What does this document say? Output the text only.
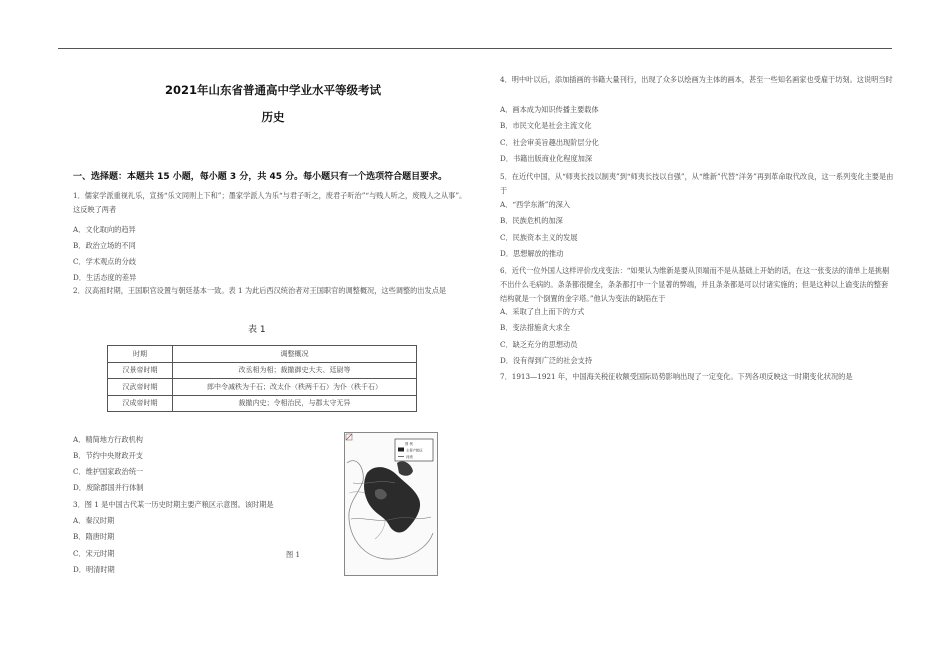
2021年山东省普通高中学业水平等级考试
历史
一、选择题：本题共 15 小题，每小题 3 分，共 45 分。每小题只有一个选项符合题目要求。
1．儒家学派重视礼乐，宣扬“乐文同则上下和”；墨家学派人为乐“与君子听之，废君子听治”“与贱人听之，废贱人之从事”。这反映了两者
A．文化取向的趋异
B．政治立场的不同
C．学术观点的分歧
D．生活态度的差异
2．汉高祖时期，王国职官设置与朝廷基本一致。表 1 为此后西汉统治者对王国职官的调整概况，这些调整的出发点是
表 1
时期	调整概况
汉景帝时期	改丞相为相；裁撤御史大夫、廷尉等
汉武帝时期	郎中令减秩为千石；改太仆（秩两千石）为仆（秩千石）
汉成帝时期	裁撤内史；令相治民，与郡太守无异
A．精简地方行政机构
B．节约中央财政开支
C．维护国家政治统一
D．废除郡国并行体制
3．图 1 是中国古代某一历史时期主要产粮区示意图。该时期是
A．秦汉时期
B．隋唐时期
C．宋元时期
D．明清时期
图 1
图 例
主要产粮区
河流
4．明中叶以后，添加插画的书籍大量刊行，出现了众多以绘画为主体的画本，甚至一些知名画家也受雇于坊刻。这说明当时
A．画本成为知识传播主要载体
B．市民文化是社会主流文化
C．社会审美旨趣出现阶层分化
D．书籍出版商业化程度加深
5．在近代中国，从“师夷长技以制夷”到“师夷长技以自强”，从“维新”代替“洋务”再到革命取代改良，这一系列变化主要是由于
A．“西学东渐”的深入
B．民族危机的加深
C．民族资本主义的发展
D．思想解放的推动
6．近代一位外国人这样评价戊戌变法：“如果认为维新是要从顶端而不是从基础上开始的话，在这一张变法的清单上是挑剔不出什么毛病的。条条都很健全，条条都打中一个显著的弊端，并且条条都是可以付诸实施的；但是这种以上谕变法的整套结构就是一个倒置的金字塔。”他认为变法的缺陷在于
A．采取了自上而下的方式
B．变法措施贪大求全
C．缺乏充分的思想动员
D．没有得到广泛的社会支持
7．1913—1921 年，中国海关税征收额受国际局势影响出现了一定变化。下列各项反映这一时期变化状况的是
